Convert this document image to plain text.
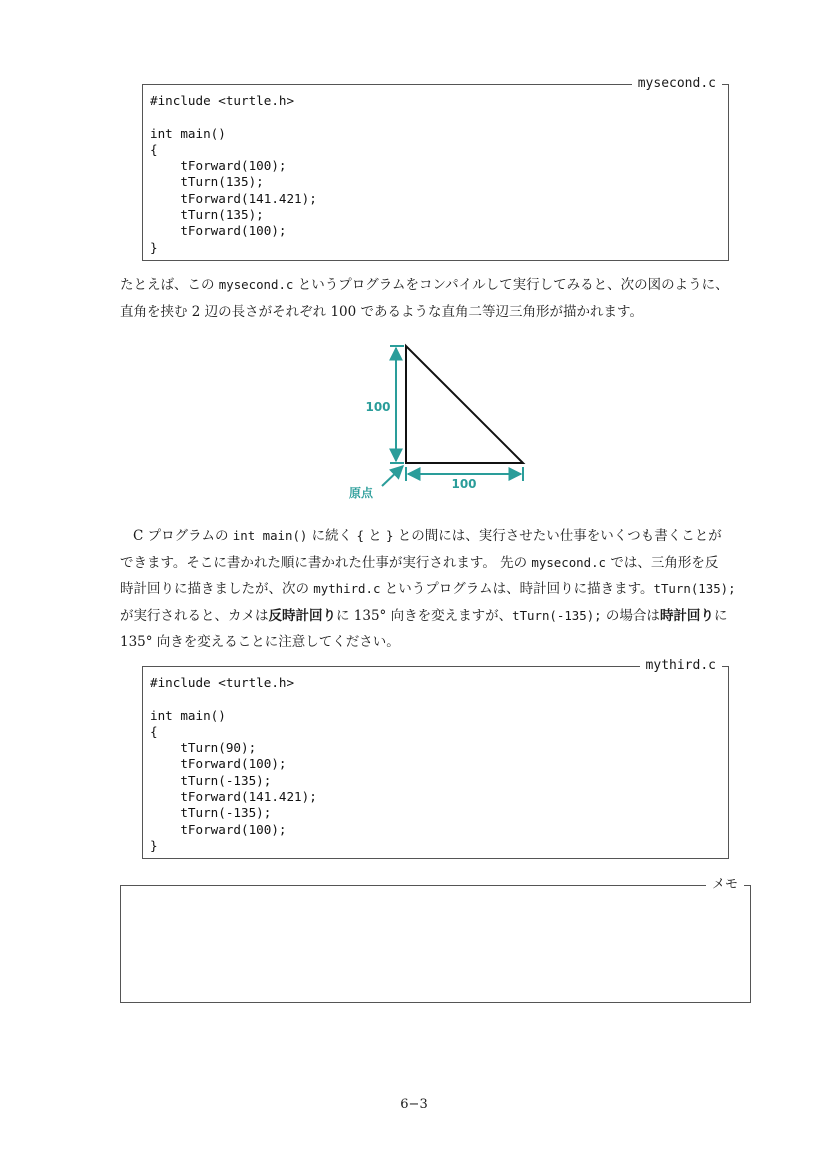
mysecond.c
#include <turtle.h>

int main()
{
tForward(100);
tTurn(135);
tForward(141.421);
tTurn(135);
tForward(100);
}

たとえば、この mysecond.c というプログラムをコンパイルして実行してみると、次の図のように、

直角を挟む 2 辺の長さがそれぞれ 100 であるような直角二等辺三角形が描かれます。

100
100
原点

C プログラムの int main() に続く { と } との間には、実行させたい仕事をいくつも書くことが

できます。そこに書かれた順に書かれた仕事が実行されます。 先の mysecond.c では、三角形を反

時計回りに描きましたが、次の mythird.c というプログラムは、時計回りに描きます。tTurn(135);

が実行されると、カメは反時計回りに 135° 向きを変えますが、tTurn(-135); の場合は時計回りに

135° 向きを変えることに注意してください。

mythird.c
#include <turtle.h>

int main()
{
tTurn(90);
tForward(100);
tTurn(-135);
tForward(141.421);
tTurn(-135);
tForward(100);
}
メモ
6−3
